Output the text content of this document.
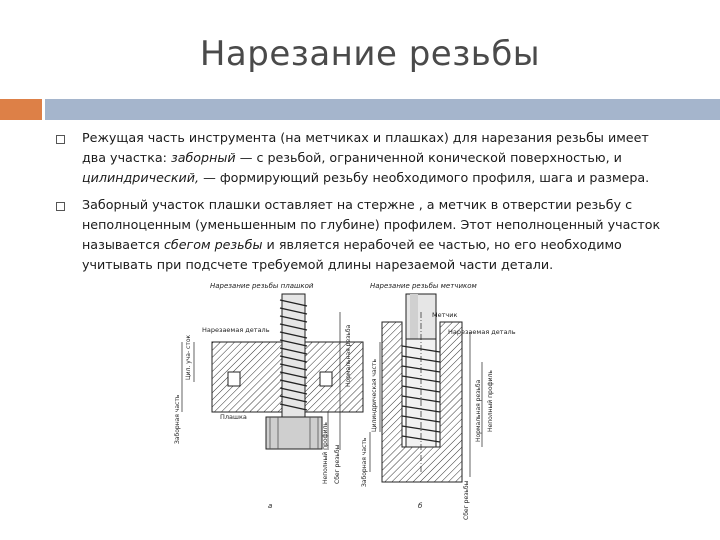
Нарезание резьбы
Режущая часть инструмента (на метчиках и плашках) для нарезания резьбы имеет два участка: заборный — с резьбой, ограниченной конической поверхностью, и цилиндрический, — формирующий резьбу необходимого профиля, шага и размера.
Заборный участок плашки оставляет на стержне , а метчик в отверстии резьбу с неполноценным (уменьшенным по глубине) профилем. Этот неполноценный участок называется сбегом резьбы и является нерабочей ее частью, но его необходимо учитывать при подсчете требуемой длины нарезаемой части детали.
Нарезание резьбы плашкой
Нарезаемая деталь
Плашка
Цил. уча- сток
Заборная часть
Нормальная резьба
Неполный профиль Сбег резьбы
а
Нарезание резьбы метчиком
Метчик
Нарезаемая деталь
Цилиндрическая часть
Заборная часть
Нормальная резьба Неполный профиль
Сбег резьбы
б
